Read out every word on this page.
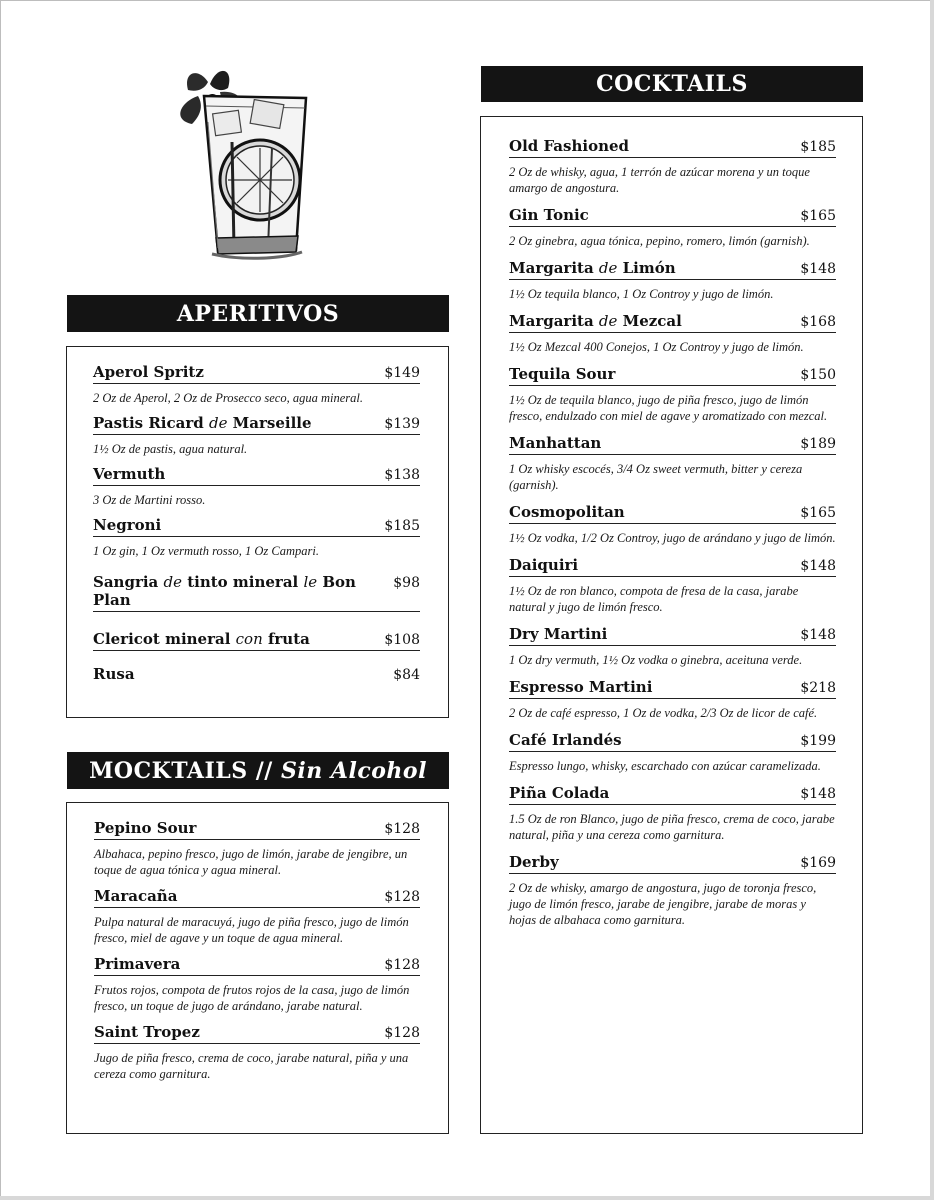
APERITIVOS
Aperol Spritz	$149
2 Oz de Aperol, 2 Oz de Prosecco seco, agua mineral.
Pastis Ricard de Marseille	$139
1½ Oz de pastis, agua natural.
Vermuth	$138
3 Oz de Martini rosso.
Negroni	$185
1 Oz gin, 1 Oz vermuth rosso, 1 Oz Campari.
Sangria de tinto mineral le Bon Plan
$98
Clericot mineral con fruta	$108
Rusa	$84
MOCKTAILS // Sin Alcohol
Pepino Sour	$128
Albahaca, pepino fresco, jugo de limón, jarabe de jengibre, un toque de agua tónica y agua mineral.
Maracaña	$128
Pulpa natural de maracuyá, jugo de piña fresco, jugo de limón fresco, miel de agave y un toque de agua mineral.
Primavera	$128
Frutos rojos, compota de frutos rojos de la casa, jugo de limón fresco, un toque de jugo de arándano, jarabe natural.
Saint Tropez	$128
Jugo de piña fresco, crema de coco, jarabe natural, piña y una cereza como garnitura.
COCKTAILS
Old Fashioned	$185
2 Oz de whisky, agua, 1 terrón de azúcar morena y un toque amargo de angostura.
Gin Tonic	$165
2 Oz ginebra, agua tónica, pepino, romero, limón (garnish).
Margarita de Limón	$148
1½ Oz tequila blanco, 1 Oz Controy y jugo de limón.
Margarita de Mezcal	$168
1½ Oz Mezcal 400 Conejos, 1 Oz Controy y jugo de limón.
Tequila Sour	$150
1½ Oz de tequila blanco, jugo de piña fresco, jugo de limón fresco, endulzado con miel de agave y aromatizado con mezcal.
Manhattan	$189
1 Oz whisky escocés, 3/4 Oz sweet vermuth, bitter y cereza (garnish).
Cosmopolitan	$165
1½ Oz vodka, 1/2 Oz Controy, jugo de arándano y jugo de limón.
Daiquiri	$148
1½ Oz de ron blanco, compota de fresa de la casa, jarabe natural y jugo de limón fresco.
Dry Martini	$148
1 Oz dry vermuth, 1½ Oz vodka o ginebra, aceituna verde.
Espresso Martini	$218
2 Oz de café espresso, 1 Oz de vodka, 2/3 Oz de licor de café.
Café Irlandés	$199
Espresso lungo, whisky, escarchado con azúcar caramelizada.
Piña Colada	$148
1.5 Oz de ron Blanco, jugo de piña fresco, crema de coco, jarabe natural, piña y una cereza como garnitura.
Derby	$169
2 Oz de whisky, amargo de angostura, jugo de toronja fresco, jugo de limón fresco, jarabe de jengibre, jarabe de moras y hojas de albahaca como garnitura.
